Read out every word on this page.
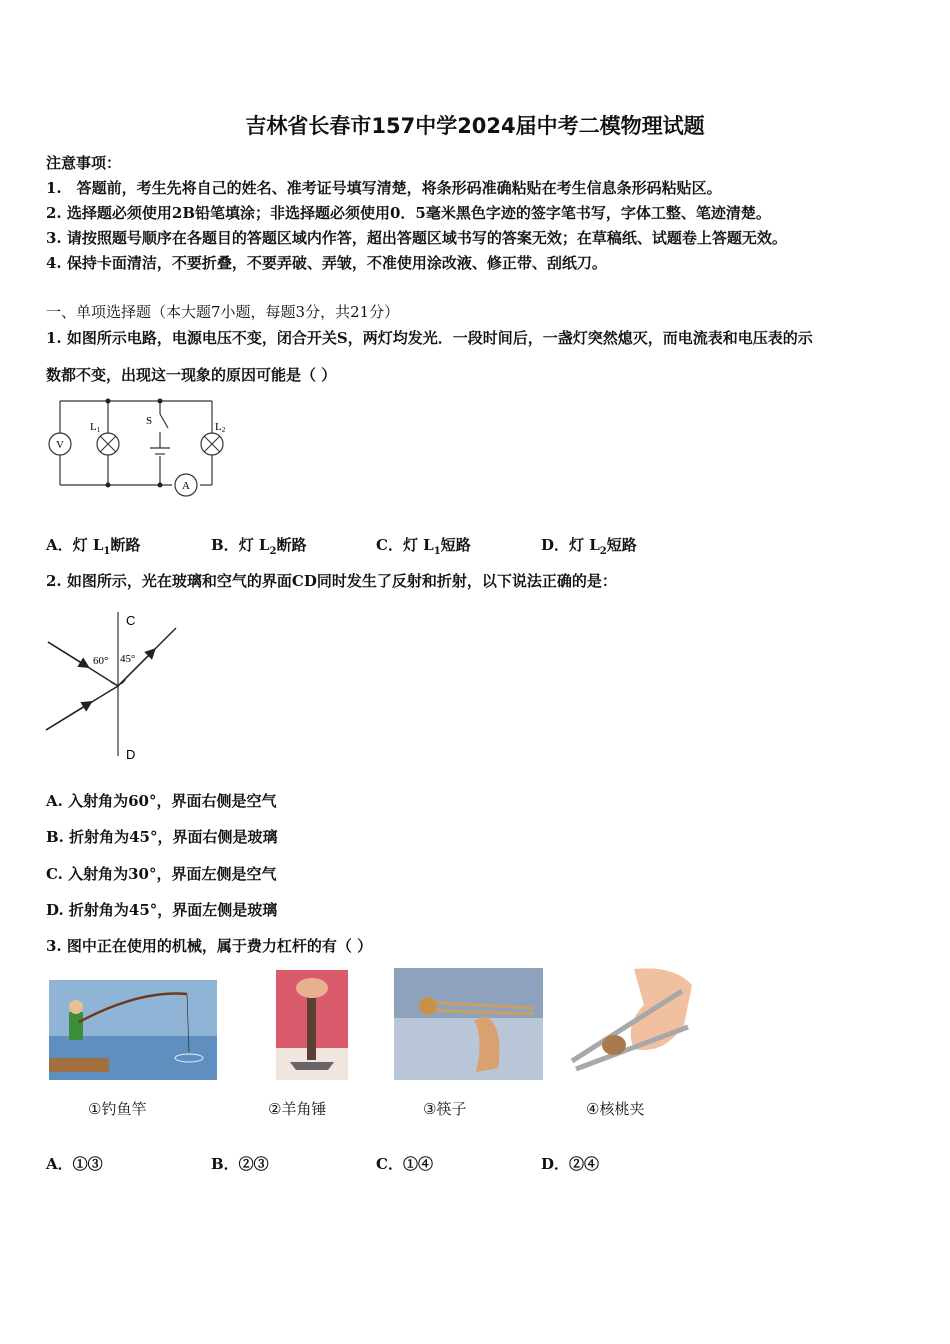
吉林省长春市157中学2024届中考二模物理试题
注意事项：
1.　答题前，考生先将自己的姓名、准考证号填写清楚，将条形码准确粘贴在考生信息条形码粘贴区。
2. 选择题必须使用2B铅笔填涂；非选择题必须使用0．5毫米黑色字迹的签字笔书写，字体工整、笔迹清楚。
3. 请按照题号顺序在各题目的答题区域内作答，超出答题区域书写的答案无效；在草稿纸、试题卷上答题无效。
4. 保持卡面清洁，不要折叠，不要弄破、弄皱，不准使用涂改液、修正带、刮纸刀。
一、单项选择题（本大题7小题，每题3分，共21分）
1. 如图所示电路，电源电压不变，闭合开关S，两灯均发光．一段时间后，一盏灯突然熄灭，而电流表和电压表的示
数都不变，出现这一现象的原因可能是（ ）
V
L1	L2
S
A
A．灯 $L_1$断路	B．灯 $L_2$断路	C．灯 $L_1$短路	D．灯 $L_2$短路
2. 如图所示，光在玻璃和空气的界面CD同时发生了反射和折射，以下说法正确的是：
C
D
60° 45°
A. 入射角为60°，界面右侧是空气
B. 折射角为45°，界面右侧是玻璃
C. 入射角为30°，界面左侧是空气
D. 折射角为45°，界面左侧是玻璃
3. 图中正在使用的机械，属于费力杠杆的有（ ）
①钓鱼竿	②羊角锤	③筷子	④核桃夹
A．①③	B．②③	C．①④	D．②④
